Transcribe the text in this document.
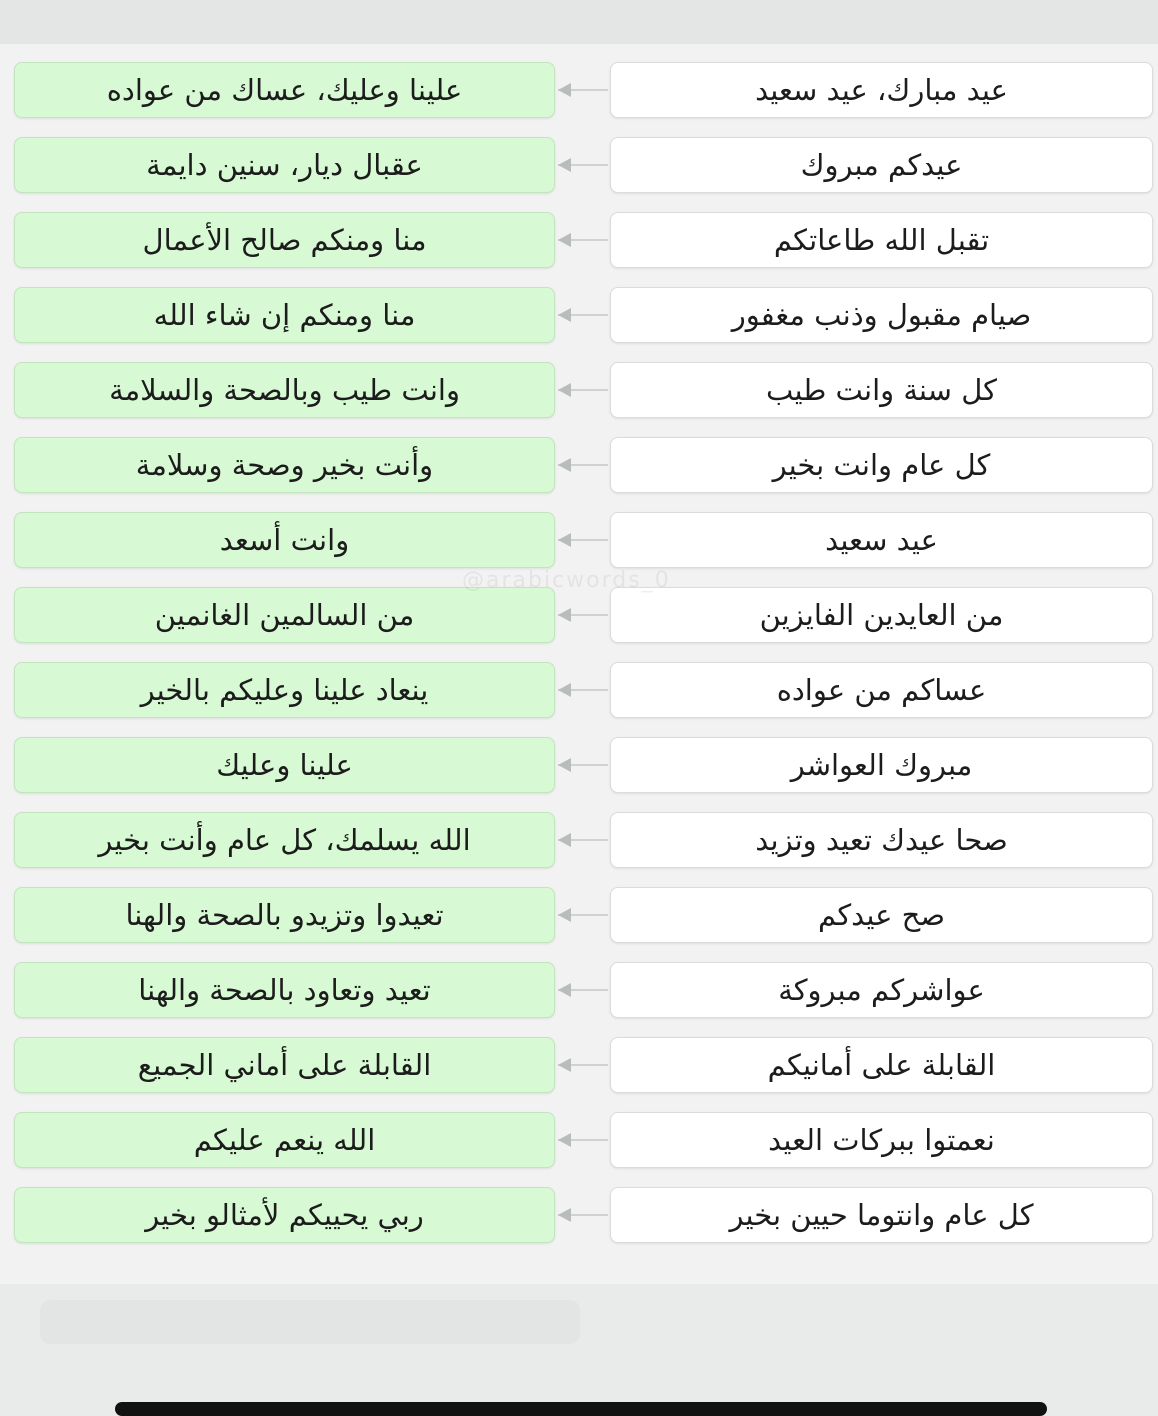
علينا وعليك، عساك من عواده	عيد مبارك، عيد سعيد
عقبال ديار، سنين دايمة	عيدكم مبروك
منا ومنكم صالح الأعمال	تقبل الله طاعاتكم
منا ومنكم إن شاء الله	صيام مقبول وذنب مغفور
وانت طيب وبالصحة والسلامة	كل سنة وانت طيب
وأنت بخير وصحة وسلامة	كل عام وانت بخير
وانت أسعد	عيد سعيد
من السالمين الغانمين	من العايدين الفايزين
ينعاد علينا وعليكم بالخير	عساكم من عواده
علينا وعليك	مبروك العواشر
الله يسلمك، كل عام وأنت بخير	صحا عيدك تعيد وتزيد
تعيدوا وتزيدو بالصحة والهنا	صح عيدكم
تعيد وتعاود بالصحة والهنا	عواشركم مبروكة
القابلة على أماني الجميع	القابلة على أمانيكم
الله ينعم عليكم	نعمتوا ببركات العيد
ربي يحييكم لأمثالو بخير	كل عام وانتوما حيين بخير
@arabicwords_0
